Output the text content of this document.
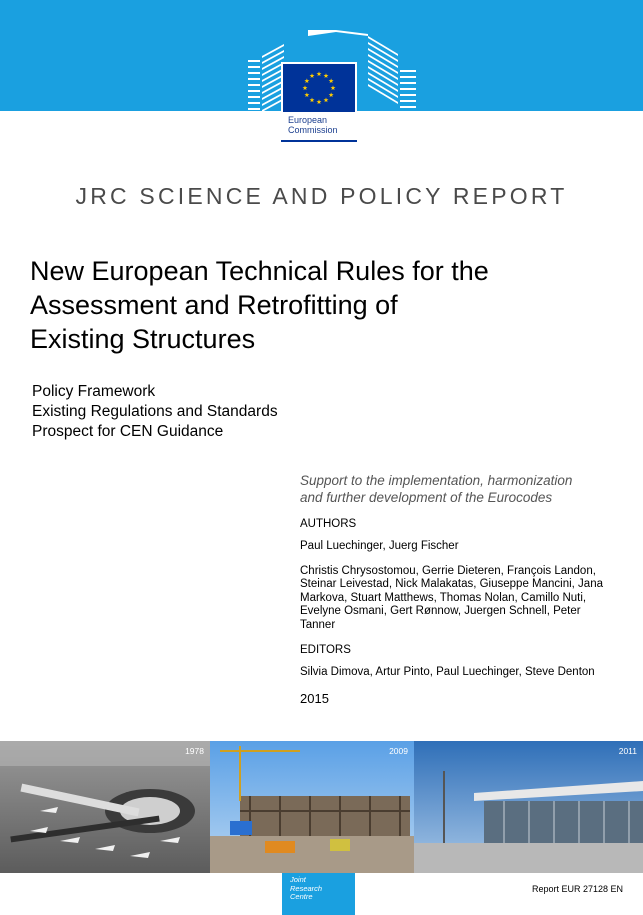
European
Commission
JRC SCIENCE AND POLICY REPORT
New European Technical Rules for the
Assessment and Retrofitting of
Existing Structures
Policy Framework
Existing Regulations and Standards
Prospect for CEN Guidance
Support to the implementation, harmonization
and further development of the Eurocodes
AUTHORS
Paul Luechinger, Juerg Fischer
Christis Chrysostomou, Gerrie Dieteren, François Landon,
Steinar Leivestad, Nick Malakatas, Giuseppe Mancini, Jana
Markova, Stuart Matthews, Thomas Nolan, Camillo Nuti,
Evelyne Osmani, Gert Rønnow, Juergen Schnell, Peter
Tanner
EDITORS
Silvia Dimova, Artur Pinto, Paul Luechinger, Steve Denton
2015
1978	2009	2011
Joint
Research
Centre
Report EUR 27128 EN
